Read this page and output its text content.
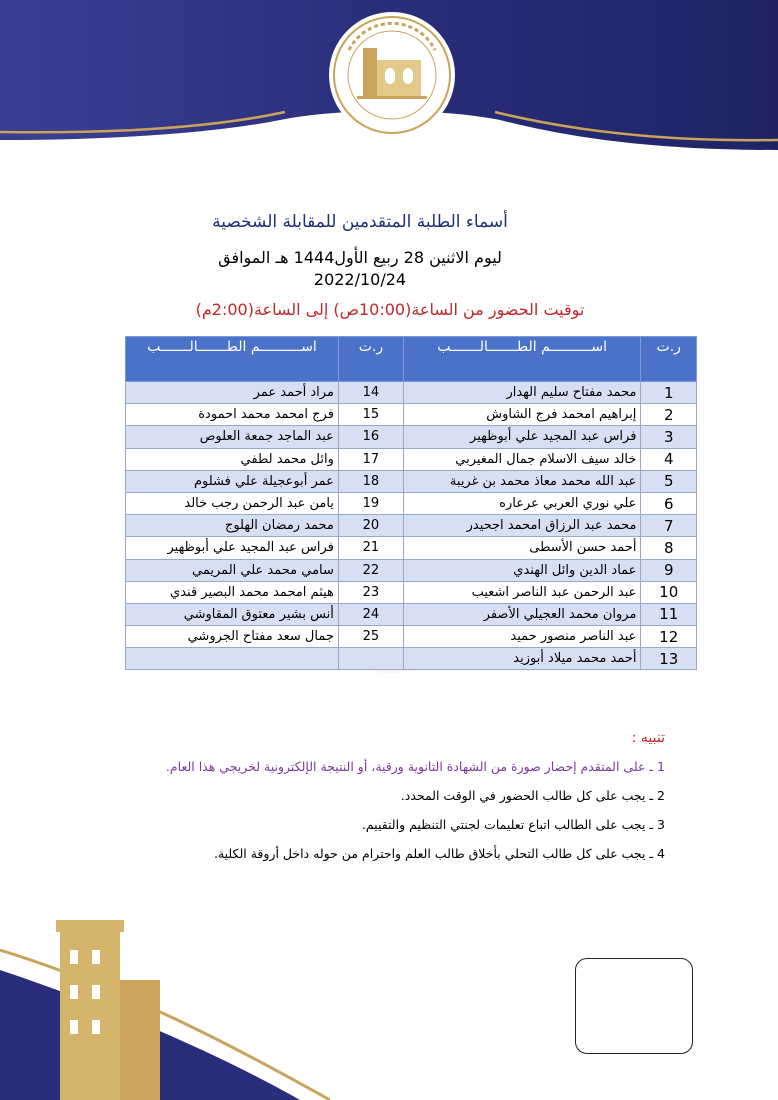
أسماء الطلبة المتقدمين للمقابلة الشخصية
ليوم الاثنين 28 ربيع الأول1444 هـ الموافق
2022/10/24
توقيت الحضور من الساعة(10:00ص) إلى الساعة(2:00م)
اســــــــــم الطـــــــالـــــــب	ر.ت	اســــــــــم الطـــــــالـــــــب	ر.ت
مراد أحمد عمر	14	محمد مفتاح سليم الهدار	1
فرج امحمد محمد احمودة	15	إبراهيم امحمد فرج الشاوش	2
عبد الماجد جمعة العلوص	16	فراس عبد المجيد علي أبوظهير	3
وائل محمد لطفي	17	خالد سيف الاسلام جمال المغيربي	4
عمر أبوعجيلة علي فشلوم	18	عبد الله محمد معاذ محمد بن غريبة	5
يامن عبد الرحمن رجب خالد	19	علي نوري العربي عرعاره	6
محمد رمضان الهلوج	20	محمد عبد الرزاق امحمد اجحيدر	7
فراس عبد المجيد علي أبوظهير	21	أحمد حسن الأسطى	8
سامي محمد علي المريمي	22	عماد الدين وائل الهندي	9
هيثم امحمد محمد البصير قندي	23	عبد الرحمن عبد الناصر اشعيب	10
أنس بشير معتوق المقاوشي	24	مروان محمد العجيلي الأصفر	11
جمال سعد مفتاح الجروشي	25	عبد الناصر منصور حميد	12
		أحمد محمد ميلاد أبوزيد	13
تنبيه :
1 ـ على المتقدم إحضار صورة من الشهادة الثانوية ورقية، أو النتيجة الإلكترونية لخريجي هذا العام.
2 ـ يجب على كل طالب الحضور في الوقت المحدد.
3 ـ يجب على الطالب اتباع تعليمات لجنتي التنظيم والتقييم.
4 ـ يجب على كل طالب التحلي بأخلاق طالب العلم واحترام من حوله داخل أروقة الكلية.
